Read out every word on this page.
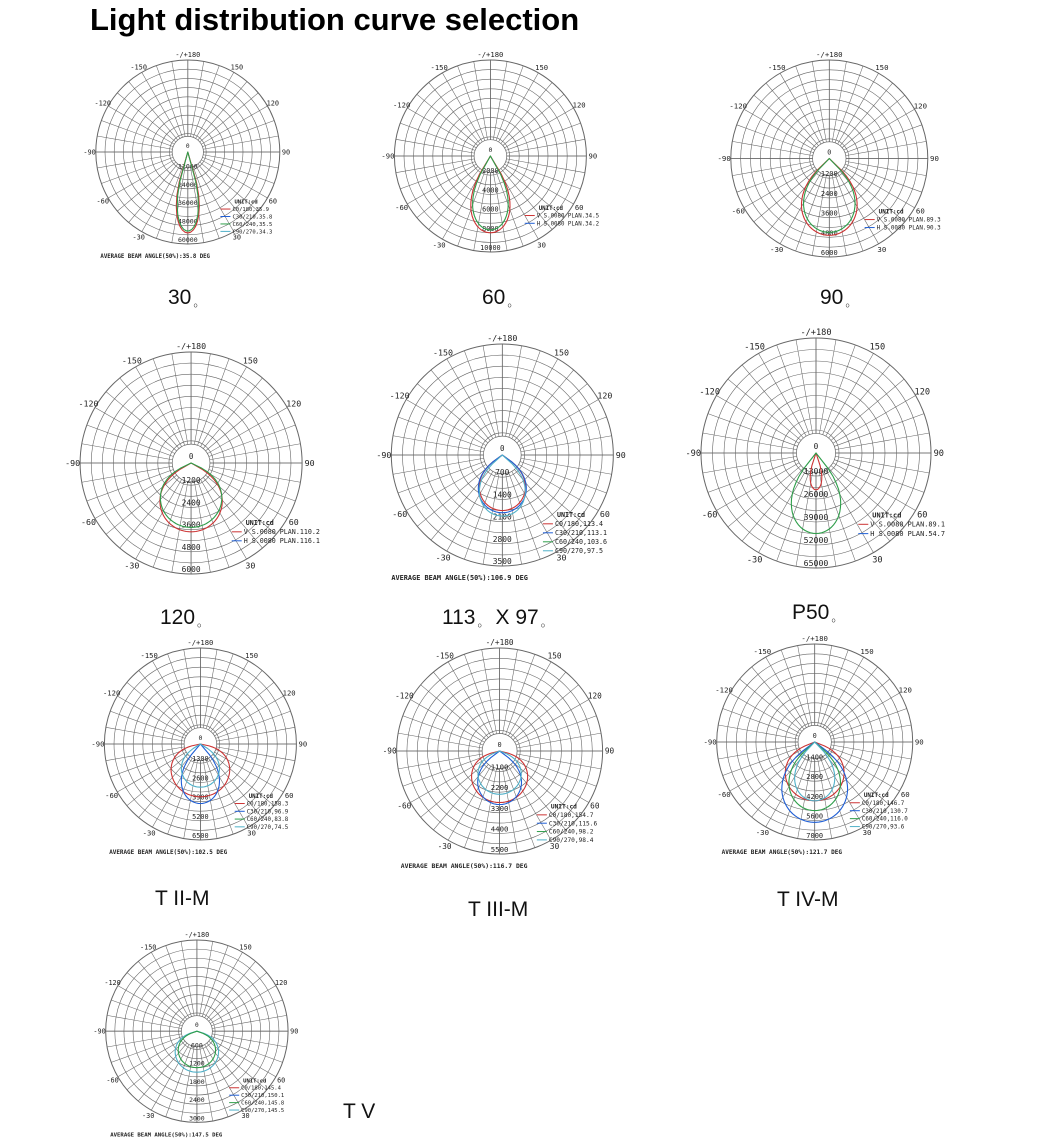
Light distribution curve selection
30
60
90
120
150
-30
-60
-90
-120
-150
-/+180
0
12000
24000
36000
48000
60000
UNIT:cd
C0/180,35.9
C30/210,35.8
C60/240,35.5
C90/270,34.3
AVERAGE BEAM ANGLE(50%):35.8 DEG
30 。
30
60
90
120
150
-30
-60
-90
-120
-150
-/+180
0
2000
4000
6000
8000
10000
UNIT:cd
V S.0080 PLAN.34.5
H S.0080 PLAN.34.2
60 。
30
60
90
120
150
-30
-60
-90
-120
-150
-/+180
0
1200
2400
3600
4800
6000
UNIT:cd
V S.0080 PLAN.89.3
H S.0080 PLAN.90.3
90 。
30
60
90
120
150
-30
-60
-90
-120
-150
-/+180
0
1200
2400
3600
4800
6000
UNIT:cd
V S.0080 PLAN.110.2
H S.0080 PLAN.116.1
120 。
30
60
90
120
150
-30
-60
-90
-120
-150
-/+180
0
700
1400
2100
2800
3500
UNIT:cd
C0/180,113.4
C30/210,113.1
C60/240,103.6
C90/270,97.5
AVERAGE BEAM ANGLE(50%):106.9 DEG
113 。 X 97 。
30
60
90
120
150
-30
-60
-90
-120
-150
-/+180
0
13000
26000
39000
52000
65000
UNIT:cd
V S.0080 PLAN.89.1
H S.0080 PLAN.54.7
P50 。
30
60
90
120
150
-30
-60
-90
-120
-150
-/+180
0
1300
2600
3900
5200
6500
UNIT:cd
C0/180,158.3
C30/210,96.9
C60/240,83.8
C90/270,74.5
AVERAGE BEAM ANGLE(50%):102.5 DEG
T II-M
30
60
90
120
150
-30
-60
-90
-120
-150
-/+180
0
1100
2200
3300
4400
5500
UNIT:cd
C0/180,154.7
C30/210,115.6
C60/240,98.2
C90/270,98.4
AVERAGE BEAM ANGLE(50%):116.7 DEG
T III-M
30
60
90
120
150
-30
-60
-90
-120
-150
-/+180
0
1400
2800
4200
5600
7000
UNIT:cd
C0/180,146.7
C30/210,130.7
C60/240,116.0
C90/270,93.6
AVERAGE BEAM ANGLE(50%):121.7 DEG
T IV-M
30
60
90
120
150
-30
-60
-90
-120
-150
-/+180
0
600
1200
1800
2400
3000
UNIT:cd
C0/180,145.4
C30/210,150.1
C60/240,145.8
C90/270,145.5
AVERAGE BEAM ANGLE(50%):147.5 DEG
T V
